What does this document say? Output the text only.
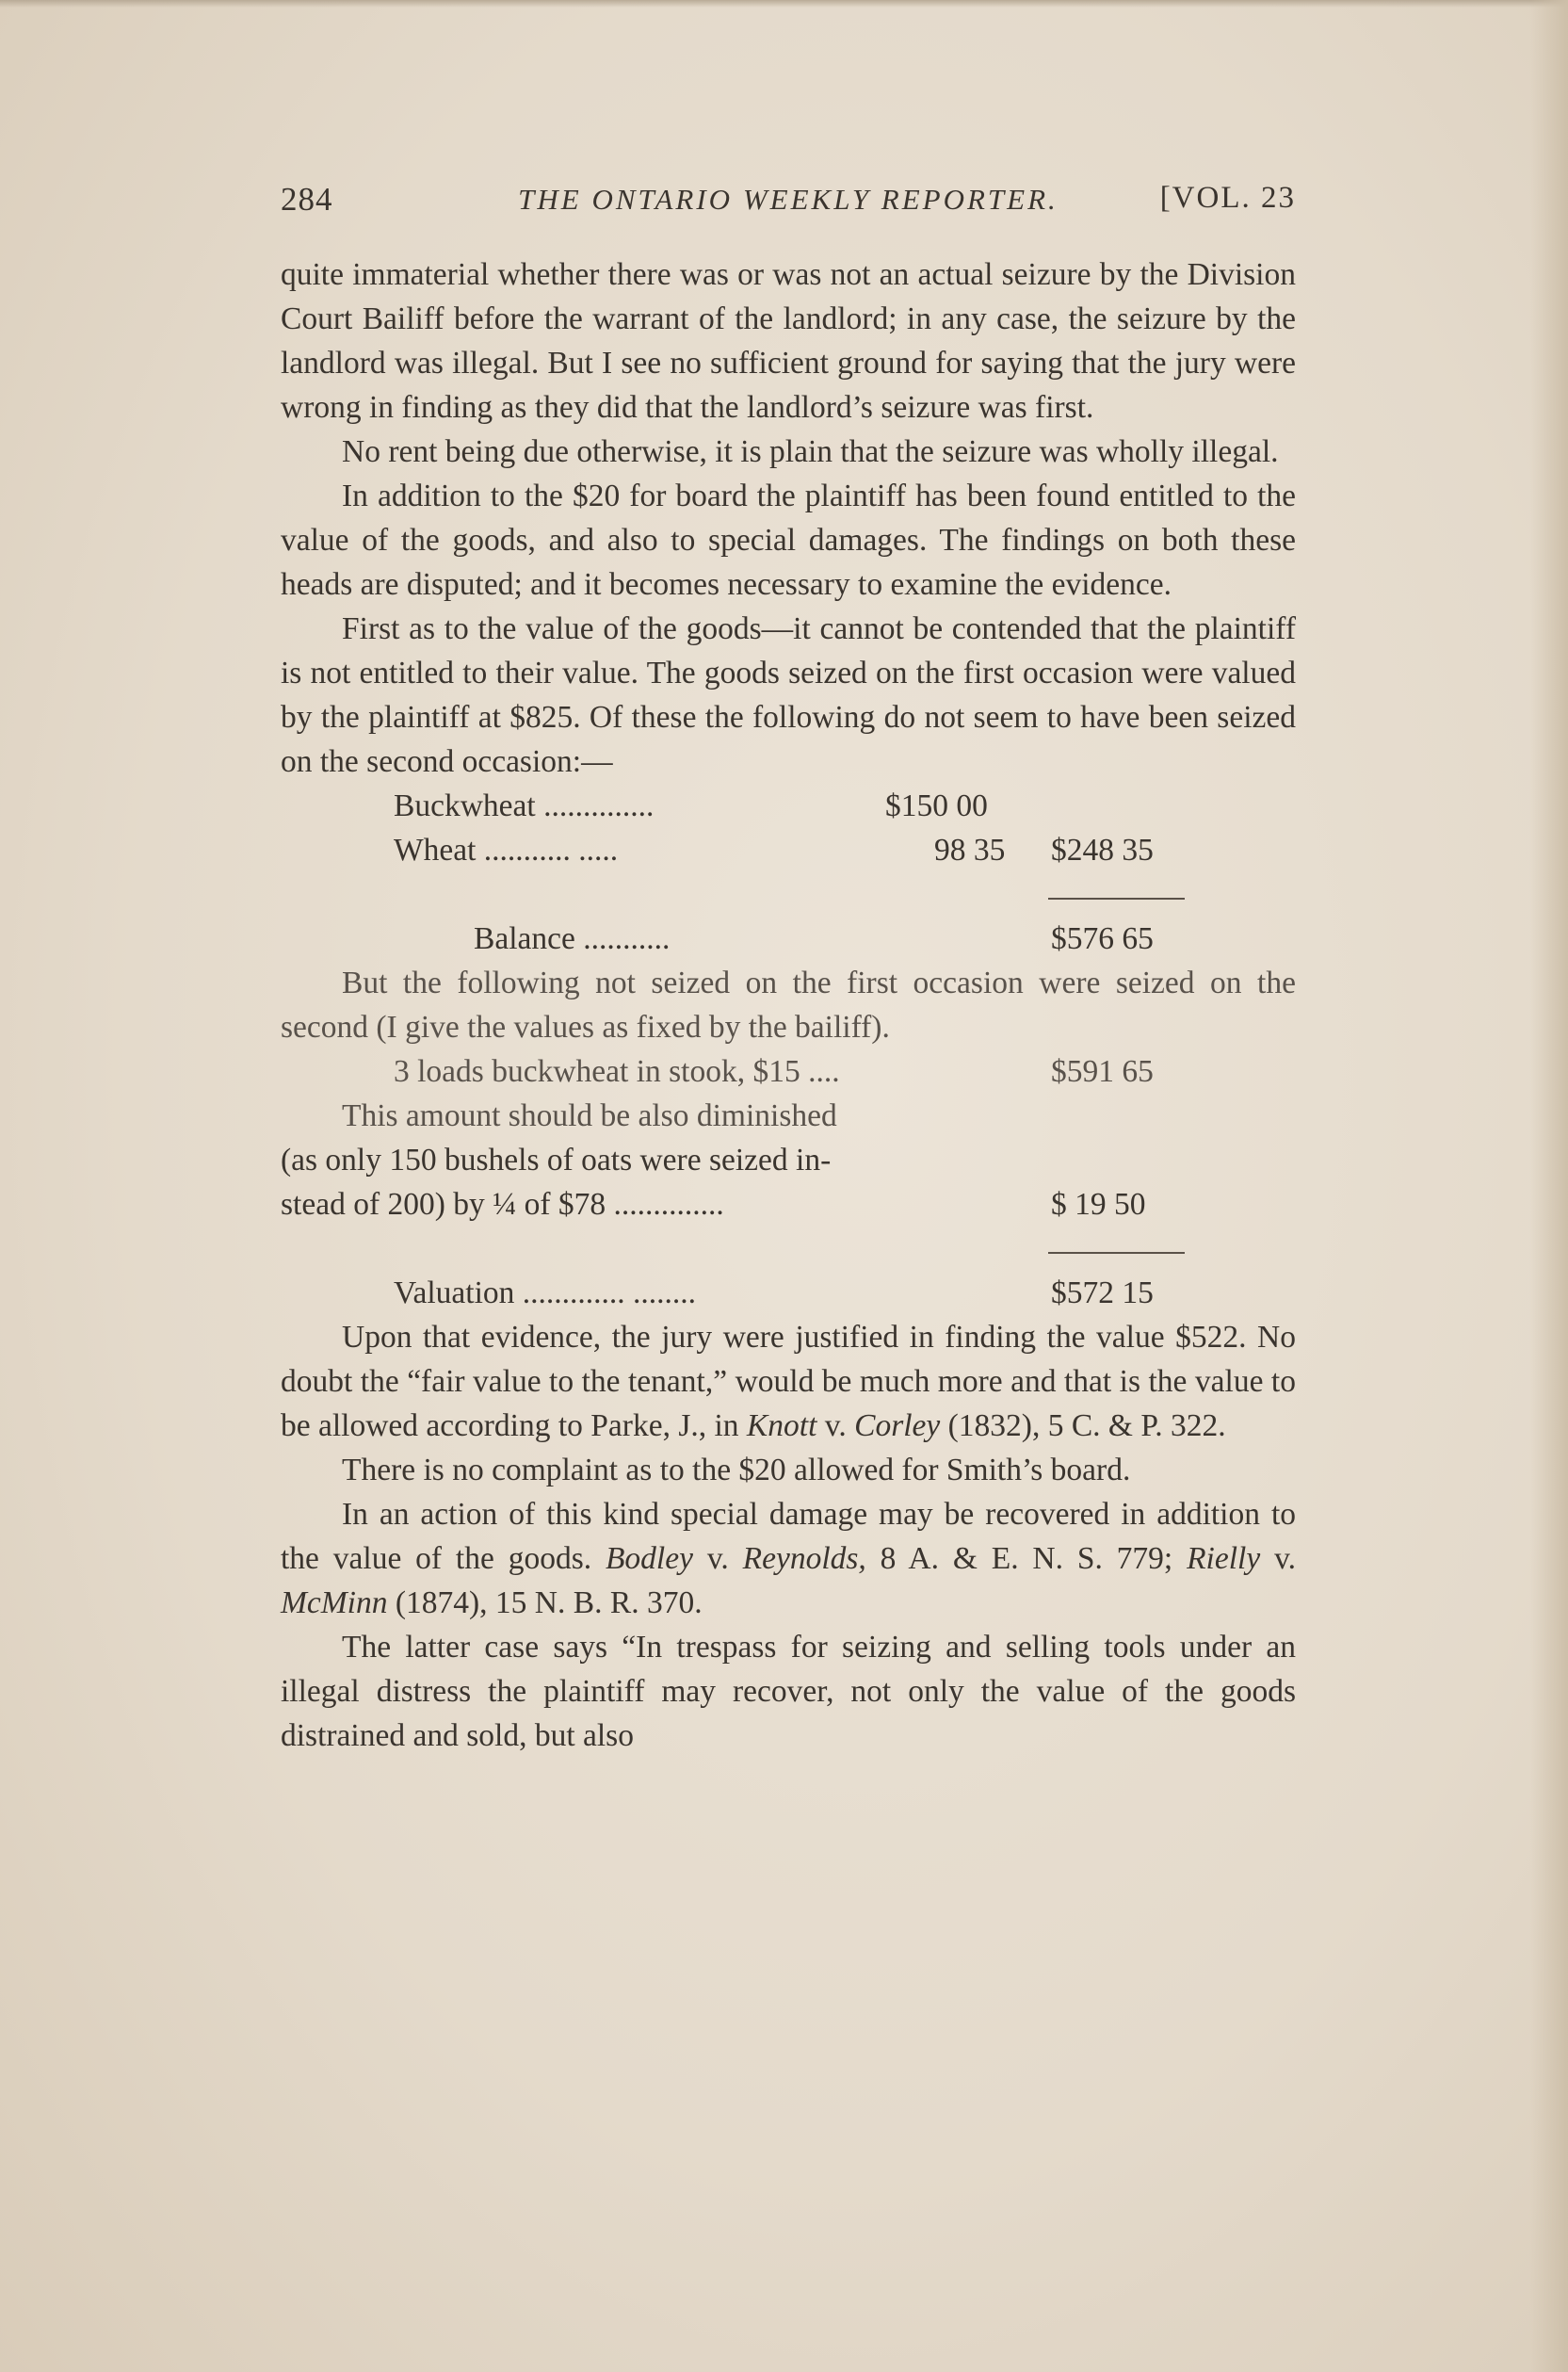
284	THE ONTARIO WEEKLY REPORTER.	[VOL. 23

quite immaterial whether there was or was not an actual seizure by the Division Court Bailiff before the warrant of the landlord; in any case, the seizure by the landlord was illegal. But I see no sufficient ground for saying that the jury were wrong in finding as they did that the landlord’s seizure was first.

No rent being due otherwise, it is plain that the seizure was wholly illegal.

In addition to the $20 for board the plaintiff has been found entitled to the value of the goods, and also to special damages. The findings on both these heads are disputed; and it becomes necessary to examine the evidence.

First as to the value of the goods—it cannot be contended that the plaintiff is not entitled to their value. The goods seized on the first occasion were valued by the plaintiff at $825. Of these the following do not seem to have been seized on the second occasion:—

Buckwheat ..............	$150 00
Wheat ........... .....	98 35 $248 35
Balance ...........	$576 65

But the following not seized on the first occasion were seized on the second (I give the values as fixed by the bailiff).

3 loads buckwheat in stook, $15 ....	$591 65
This amount should be also diminished
(as only 150 bushels of oats were seized in-
stead of 200) by ¼ of $78 ..............	$ 19 50
Valuation ............. ........	$572 15

Upon that evidence, the jury were justified in finding the value $522. No doubt the “fair value to the tenant,” would be much more and that is the value to be allowed according to Parke, J., in Knott v. Corley (1832), 5 C. & P. 322.

There is no complaint as to the $20 allowed for Smith’s board.

In an action of this kind special damage may be recovered in addition to the value of the goods. Bodley v. Reynolds, 8 A. & E. N. S. 779; Rielly v. McMinn (1874), 15 N. B. R. 370.

The latter case says “In trespass for seizing and selling tools under an illegal distress the plaintiff may recover, not only the value of the goods distrained and sold, but also
